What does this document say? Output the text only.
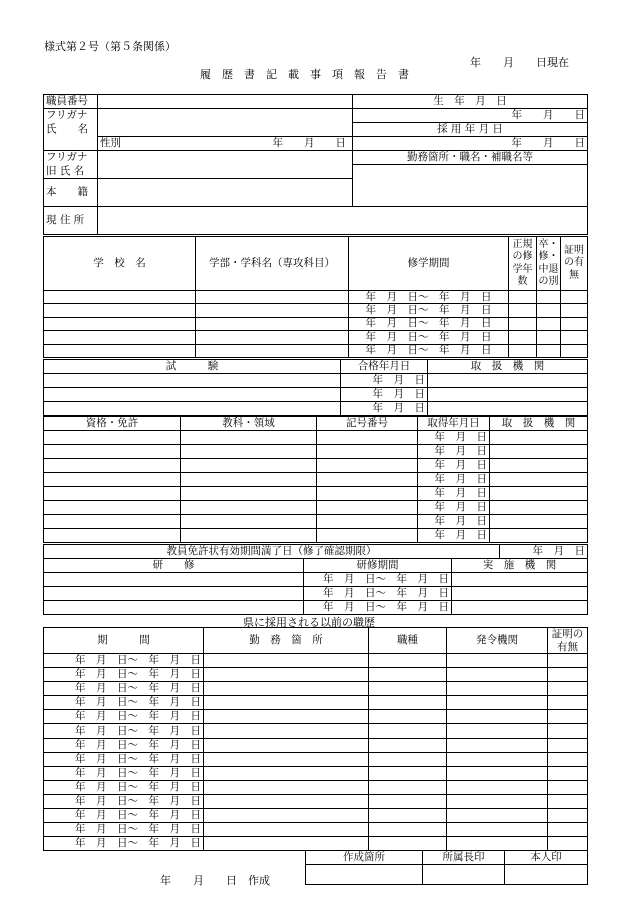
様式第２号（第５条関係）
年　　月　　日現在
履　歴　書　記　載　事　項　報　告　書
職員番号		生　年　月　日
フリガナ		年　　月　　日
氏　　名		採 用 年 月 日
	性別 年　　月　　日	年　　月　　日
フリガナ		勤務箇所・職名・補職名等
旧 氏 名		
本　　籍		
現 住 所		
学　校　名	学部・学科名（専攻科目）	修学期間	正規の修学年数	卒・修・中退の別	証明の有無
		年　月　日～　年　月　日			
		年　月　日～　年　月　日			
		年　月　日～　年　月　日			
		年　月　日～　年　月　日			
		年　月　日～　年　月　日			
試　　　験	合格年月日	取　扱　機　関
	年　月　日	
	年　月　日	
	年　月　日	
資格・免許	教科・領域	記号番号	取得年月日	取　扱　機　関
			年　月　日	
			年　月　日	
			年　月　日	
			年　月　日	
			年　月　日	
			年　月　日	
			年　月　日	
			年　月　日	
教員免許状有効期間満了日（修了確認期限）	年　月　日
研　　修	研修期間	実　施　機　関
	年　月　日～　年　月　日	
	年　月　日～　年　月　日	
	年　月　日～　年　月　日	
県に採用される以前の職歴
期　　　間	勤　務　箇　所	職種	発令機関	証明の有無
年　月　日～　年　月　日				
年　月　日～　年　月　日				
年　月　日～　年　月　日				
年　月　日～　年　月　日				
年　月　日～　年　月　日				
年　月　日～　年　月　日				
年　月　日～　年　月　日				
年　月　日～　年　月　日				
年　月　日～　年　月　日				
年　月　日～　年　月　日				
年　月　日～　年　月　日				
年　月　日～　年　月　日				
年　月　日～　年　月　日				
年　月　日～　年　月　日				
作成箇所	所属長印	本人印

年　　月　　日　作成
